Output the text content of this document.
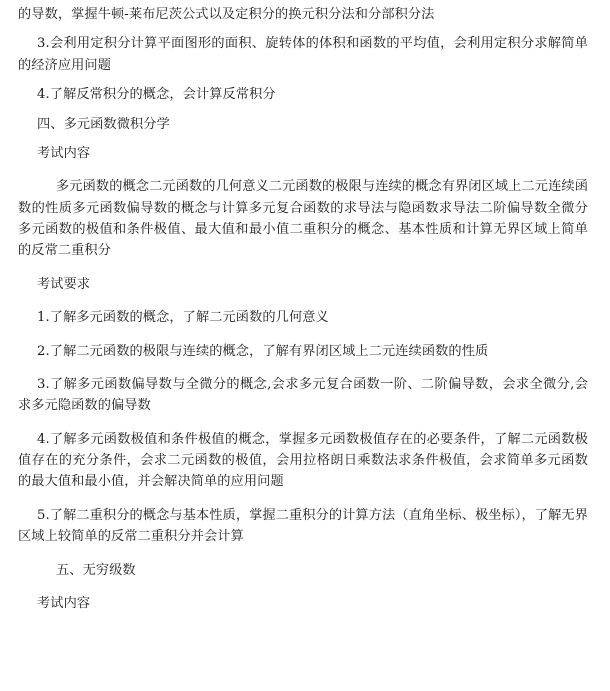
的导数，掌握牛顿-莱布尼茨公式以及定积分的换元积分法和分部积分法

3.会利用定积分计算平面图形的面积、旋转体的体积和函数的平均值，会利用定积分求解简单的经济应用问题

4.了解反常积分的概念，会计算反常积分

四、多元函数微积分学

考试内容

多元函数的概念二元函数的几何意义二元函数的极限与连续的概念有界闭区域上二元连续函数的性质多元函数偏导数的概念与计算多元复合函数的求导法与隐函数求导法二阶偏导数全微分多元函数的极值和条件极值、最大值和最小值二重积分的概念、基本性质和计算无界区域上简单的反常二重积分

考试要求

1.了解多元函数的概念，了解二元函数的几何意义

2.了解二元函数的极限与连续的概念，了解有界闭区域上二元连续函数的性质

3.了解多元函数偏导数与全微分的概念,会求多元复合函数一阶、二阶偏导数，会求全微分,会求多元隐函数的偏导数

4.了解多元函数极值和条件极值的概念，掌握多元函数极值存在的必要条件，了解二元函数极值存在的充分条件，会求二元函数的极值，会用拉格朗日乘数法求条件极值，会求简单多元函数的最大值和最小值，并会解决简单的应用问题

5.了解二重积分的概念与基本性质，掌握二重积分的计算方法（直角坐标、极坐标），了解无界区域上较简单的反常二重积分并会计算

五、无穷级数

考试内容
